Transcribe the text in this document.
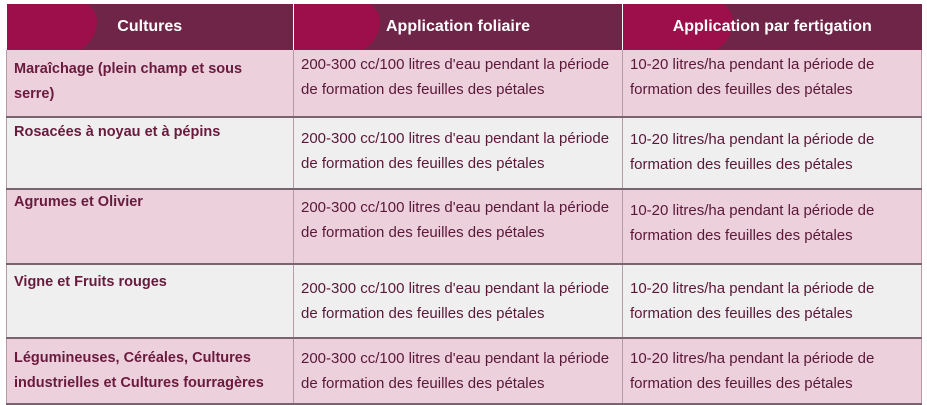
Cultures	Application foliaire	Application par fertigation

Maraîchage (plein champ et sous serre)	200-300 cc/100 litres d'eau pendant la période de formation des feuilles des pétales	10-20 litres/ha pendant la période de formation des feuilles des pétales

Rosacées à noyau et à pépins	200-300 cc/100 litres d'eau pendant la période de formation des feuilles des pétales	10-20 litres/ha pendant la période de formation des feuilles des pétales

Agrumes et Olivier	200-300 cc/100 litres d'eau pendant la période de formation des feuilles des pétales	10-20 litres/ha pendant la période de formation des feuilles des pétales

Vigne et Fruits rouges	200-300 cc/100 litres d'eau pendant la période de formation des feuilles des pétales	10-20 litres/ha pendant la période de formation des feuilles des pétales

Légumineuses, Céréales, Cultures industrielles et Cultures fourragères	200-300 cc/100 litres d'eau pendant la période de formation des feuilles des pétales	10-20 litres/ha pendant la période de formation des feuilles des pétales
